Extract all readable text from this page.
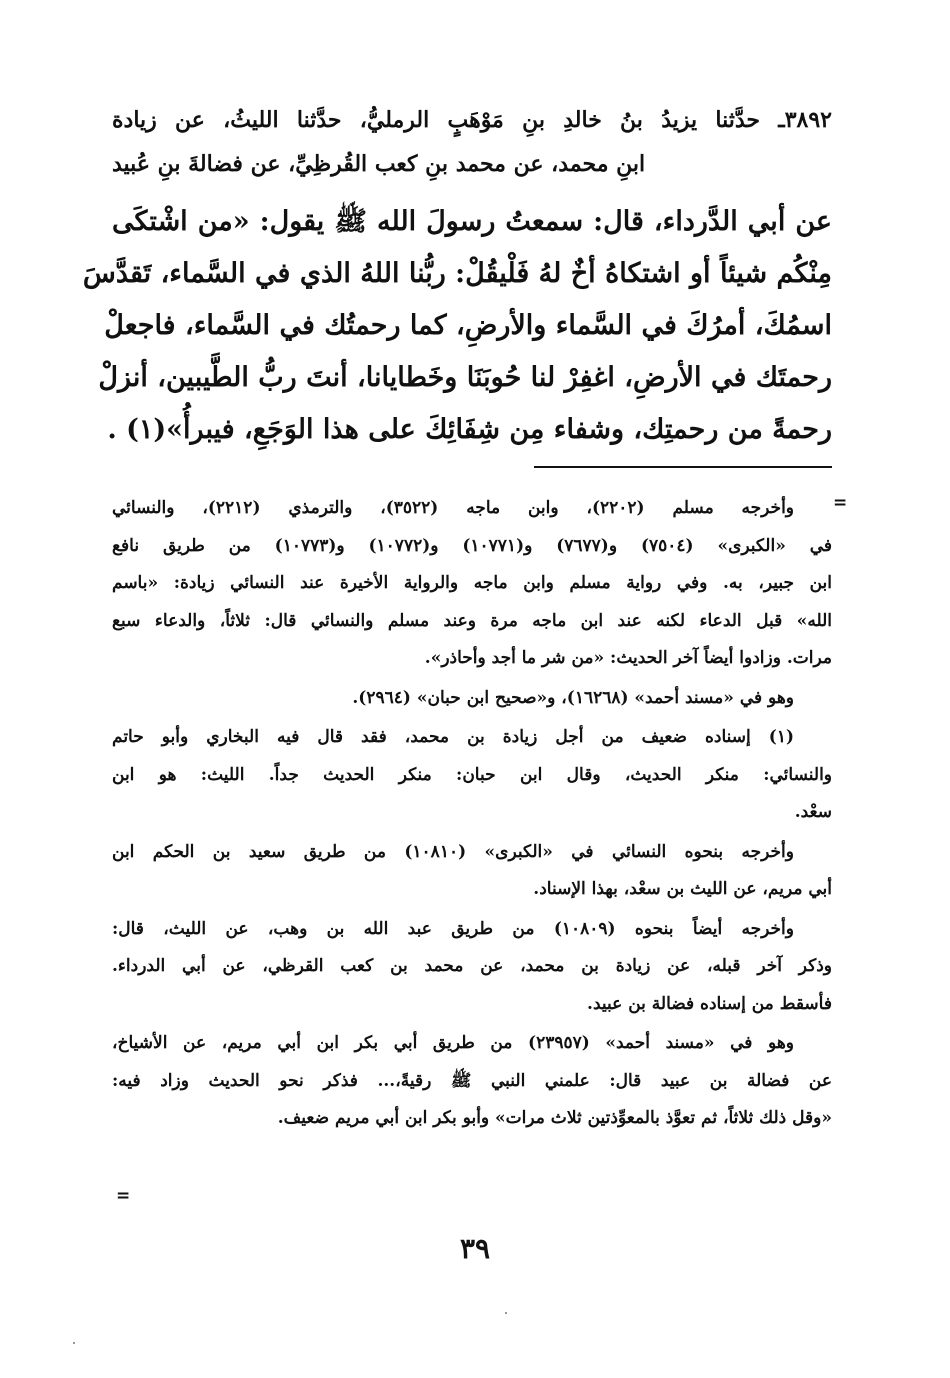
٣٨٩٢ـ حدَّثنا يزيدُ بنُ خالدِ بنِ مَوْهَبٍ الرمليُّ، حدَّثنا الليثُ، عن زيادة
ابنِ محمد، عن محمد بنِ كعب القُرظِيِّ، عن فضالةَ بنِ عُبيد
عن أبي الدَّرداء، قال: سمعتُ رسولَ الله ﷺ يقول: «من اشْتكَى
مِنْكُم شيئاً أو اشتكاهُ أخٌ لهُ فَلْيقُلْ: ربُّنا اللهُ الذي في السَّماء، تَقدَّسَ
اسمُكَ، أمرُكَ في السَّماء والأرضِ، كما رحمتُك في السَّماء، فاجعلْ
رحمتَك في الأرضِ، اغفِرْ لنا حُوبَنَا وخَطايانا، أنتَ ربُّ الطَّيبين، أنزلْ
رحمةً من رحمتِك، وشفاء مِن شِفَائِكَ على هذا الوَجَعِ، فيبرأُ»(١) .
=
وأخرجه مسلم (٢٢٠٢)، وابن ماجه (٣٥٢٢)، والترمذي (٢٢١٢)، والنسائي
في «الكبرى» (٧٥٠٤) و(٧٦٧٧) و(١٠٧٧١) و(١٠٧٧٢) و(١٠٧٧٣) من طريق نافع
ابن جبير، به. وفي رواية مسلم وابن ماجه والرواية الأخيرة عند النسائي زيادة: «باسم
الله» قبل الدعاء لكنه عند ابن ماجه مرة وعند مسلم والنسائي قال: ثلاثاً، والدعاء سبع
مرات. وزادوا أيضاً آخر الحديث: «من شر ما أجد وأحاذر».
وهو في «مسند أحمد» (١٦٢٦٨)، و«صحيح ابن حبان» (٢٩٦٤).
(١) إسناده ضعيف من أجل زيادة بن محمد، فقد قال فيه البخاري وأبو حاتم
والنسائي: منكر الحديث، وقال ابن حبان: منكر الحديث جداً. الليث: هو ابن
سعْد.
وأخرجه بنحوه النسائي في «الكبرى» (١٠٨١٠) من طريق سعيد بن الحكم ابن
أبي مريم، عن الليث بن سعْد، بهذا الإسناد.
وأخرجه أيضاً بنحوه (١٠٨٠٩) من طريق عبد الله بن وهب، عن الليث، قال:
وذكر آخر قبله، عن زيادة بن محمد، عن محمد بن كعب القرظي، عن أبي الدرداء.
فأسقط من إسناده فضالة بن عبيد.
وهو في «مسند أحمد» (٢٣٩٥٧) من طريق أبي بكر ابن أبي مريم، عن الأشياخ،
عن فضالة بن عبيد قال: علمني النبي ﷺ رقيةً،... فذكر نحو الحديث وزاد فيه:
«وقل ذلك ثلاثاً، ثم تعوَّذ بالمعوِّذتين ثلاث مرات» وأبو بكر ابن أبي مريم ضعيف.
=
٣٩
